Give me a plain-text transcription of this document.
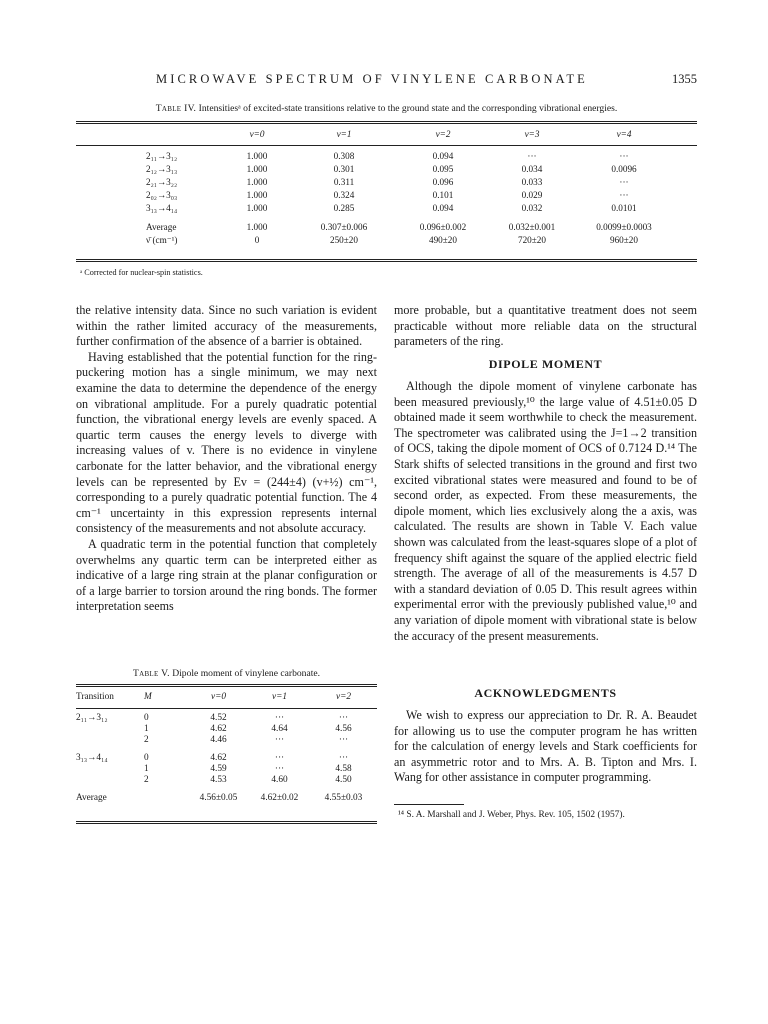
MICROWAVE SPECTRUM OF VINYLENE CARBONATE	1355
Table IV. Intensitiesᵃ of excited-state transitions relative to the ground state and the corresponding vibrational energies.
	v=0	v=1	v=2	v=3	v=4	

2₁₁→3₁₂	1.000	0.308	0.094	···	···	
2₁₂→3₁₃	1.000	0.301	0.095	0.034	0.0096	
2₂₁→3₂₂	1.000	0.311	0.096	0.033	···	
2₀₂→3₀₃	1.000	0.324	0.101	0.029	···	
3₁₃→4₁₄	1.000	0.285	0.094	0.032	0.0101	

Average	1.000	0.307±0.006	0.096±0.002	0.032±0.001	0.0099±0.0003	
ν̄ (cm⁻¹)	0	250±20	490±20	720±20	960±20	
ᵃ Corrected for nuclear-spin statistics.

the relative intensity data. Since no such variation is evident within the rather limited accuracy of the measurements, further confirmation of the absence of a barrier is obtained.

Having established that the potential function for the ring-puckering motion has a single minimum, we may next examine the data to determine the dependence of the energy on vibrational amplitude. For a purely quadratic potential function, the vibrational energy levels are evenly spaced. A quartic term causes the energy levels to diverge with increasing values of v. There is no evidence in vinylene carbonate for the latter behavior, and the vibrational energy levels can be represented by Ev = (244±4) (v+½) cm⁻¹, corresponding to a purely quadratic potential function. The 4 cm⁻¹ uncertainty in this expression represents internal consistency of the measurements and not absolute accuracy.

A quadratic term in the potential function that completely overwhelms any quartic term can be interpreted either as indicative of a large ring strain at the planar configuration or of a large barrier to torsion around the ring bonds. The former interpretation seems

Table V. Dipole moment of vinylene carbonate.
Transition	M	v=0	v=1	v=2

2₁₁→3₁₂	0	4.52	···	···
	1	4.62	4.64	4.56
	2	4.46	···	···

3₁₃→4₁₄	0	4.62	···	···
	1	4.59	···	4.58
	2	4.53	4.60	4.50

Average		4.56±0.05	4.62±0.02	4.55±0.03

more probable, but a quantitative treatment does not seem practicable without more reliable data on the structural parameters of the ring.

DIPOLE MOMENT

Although the dipole moment of vinylene carbonate has been measured previously,¹⁰ the large value of 4.51±0.05 D obtained made it seem worthwhile to check the measurement. The spectrometer was calibrated using the J=1→2 transition of OCS, taking the dipole moment of OCS of 0.7124 D.¹⁴ The Stark shifts of selected transitions in the ground and first two excited vibrational states were measured and found to be of second order, as expected. From these measurements, the dipole moment, which lies exclusively along the a axis, was calculated. The results are shown in Table V. Each value shown was calculated from the least-squares slope of a plot of frequency shift against the square of the applied electric field strength. The average of all of the measurements is 4.57 D with a standard deviation of 0.05 D. This result agrees within experimental error with the previously published value,¹⁰ and any variation of dipole moment with vibrational state is below the accuracy of the present measurements.

ACKNOWLEDGMENTS

We wish to express our appreciation to Dr. R. A. Beaudet for allowing us to use the computer program he has written for the calculation of energy levels and Stark coefficients for an asymmetric rotor and to Mrs. A. B. Tipton and Mrs. I. Wang for other assistance in computer programming.

¹⁴ S. A. Marshall and J. Weber, Phys. Rev. 105, 1502 (1957).
